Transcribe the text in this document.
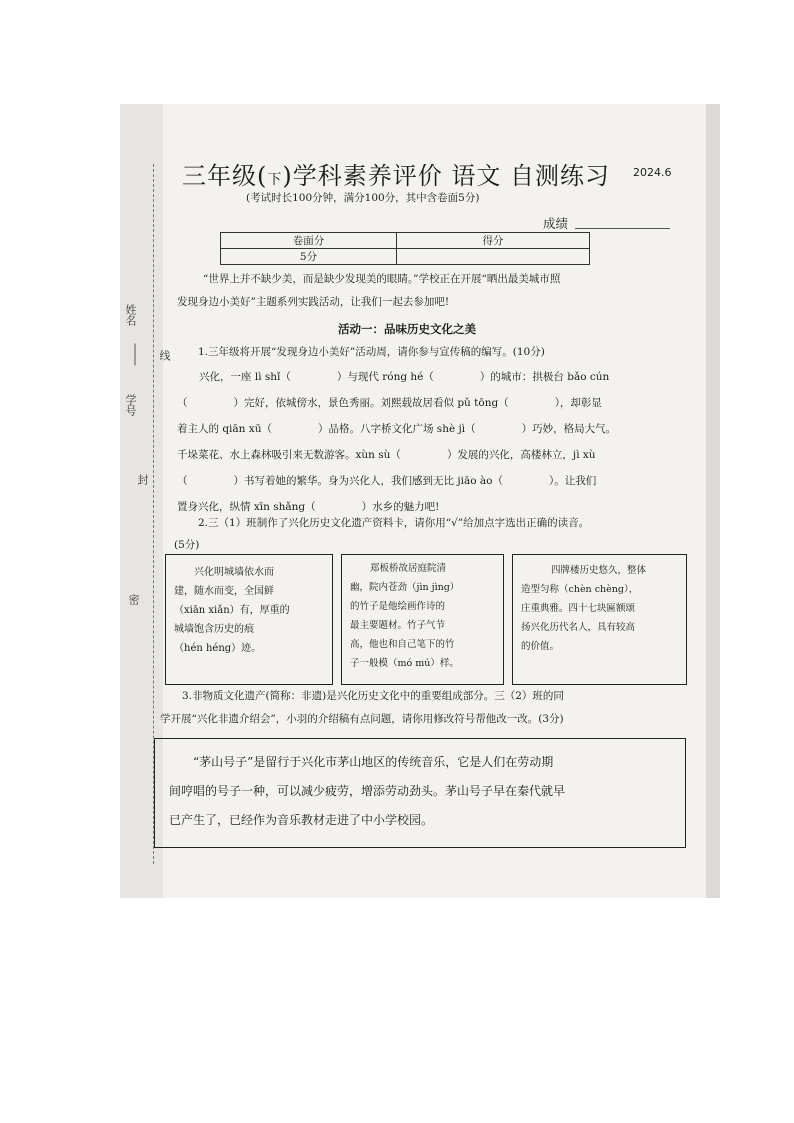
姓名
学号
线
封
密
三年级(下)学科素养评价 语文 自测练习 2024.6
(考试时长100分钟，满分100分，其中含卷面5分)
成绩
卷面分	得分
5分	
“世界上并不缺少美，而是缺少发现美的眼睛。”学校正在开展“晒出最美城市照
发现身边小美好”主题系列实践活动，让我们一起去参加吧!
活动一：品味历史文化之美
1.三年级将开展“发现身边小美好”活动周，请你参与宣传稿的编写。(10分)
兴化，一座 lì shǐ（	）与现代 róng hé（	）的城市：拱极台 bǎo cún
（	）完好，依城傍水，景色秀丽。刘熙载故居看似 pǔ tōng（	），却彰显
着主人的 qiān xū（	）品格。八字桥文化广场 shè jì（	）巧妙，格局大气。
千垛菜花、水上森林吸引来无数游客。xùn sù（	）发展的兴化，高楼林立，jì xù
（	）书写着她的繁华。身为兴化人，我们感到无比 jiāo ào（	）。让我们
置身兴化，纵情 xīn shǎng（	）水乡的魅力吧!
2.三（1）班制作了兴化历史文化遗产资料卡，请你用“√”给加点字选出正确的读音。
(5分)
兴化明城墙依水而
建，随水而变，全国鲜
（xiān xiǎn）有，厚重的
城墙饱含历史的痕
（hén héng）迹。
郑板桥故居庭院清
幽，院内苍劲（jìn jìng）
的竹子是他绘画作诗的
最主要题材。竹子气节
高，他也和自己笔下的竹
子一般模（mó mú）样。
四牌楼历史悠久，整体
造型匀称（chèn chèng），
庄重典雅。四十七块匾额颂
扬兴化历代名人，具有较高
的价值。
3.非物质文化遗产(简称：非遗)是兴化历史文化中的重要组成部分。三（2）班的同
学开展“兴化非遗介绍会”，小羽的介绍稿有点问题，请你用修改符号帮他改一改。(3分)
“茅山号子”是留行于兴化市茅山地区的传统音乐，它是人们在劳动期
间哼唱的号子一种，可以减少疲劳，增添劳动劲头。茅山号子早在秦代就早
已产生了，已经作为音乐教材走进了中小学校园。
